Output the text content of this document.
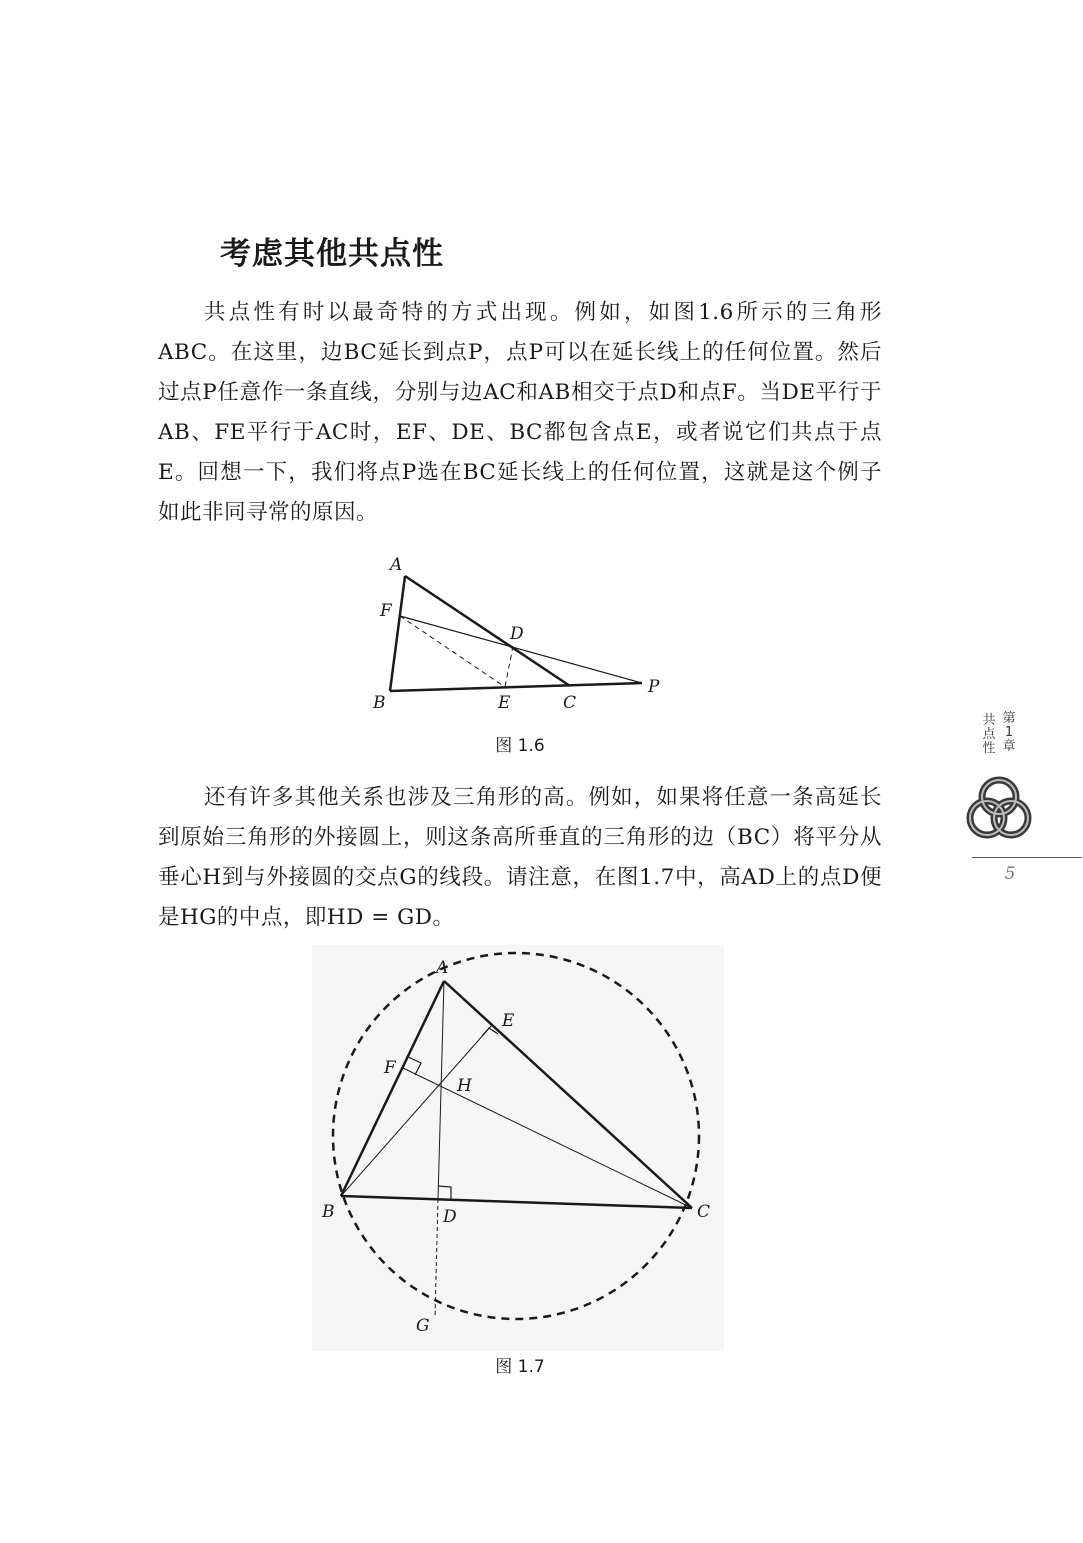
考虑其他共点性

共点性有时以最奇特的方式出现。例如，如图1.6所示的三角形ABC。在这里，边BC延长到点P，点P可以在延长线上的任何位置。然后过点P任意作一条直线，分别与边AC和AB相交于点D和点F。当DE平行于AB、FE平行于AC时，EF、DE、BC都包含点E，或者说它们共点于点E。回想一下，我们将点P选在BC延长线上的任何位置，这就是这个例子如此非同寻常的原因。

A
F
D
B	E	C
P
图 1.6

还有许多其他关系也涉及三角形的高。例如，如果将任意一条高延长到原始三角形的外接圆上，则这条高所垂直的三角形的边（BC）将平分从垂心H到与外接圆的交点G的线段。请注意，在图1.7中，高AD上的点D便是HG的中点，即HD = GD。

A
E
F
H
B	D	C
G
图 1.7
第1章
共点性
5
